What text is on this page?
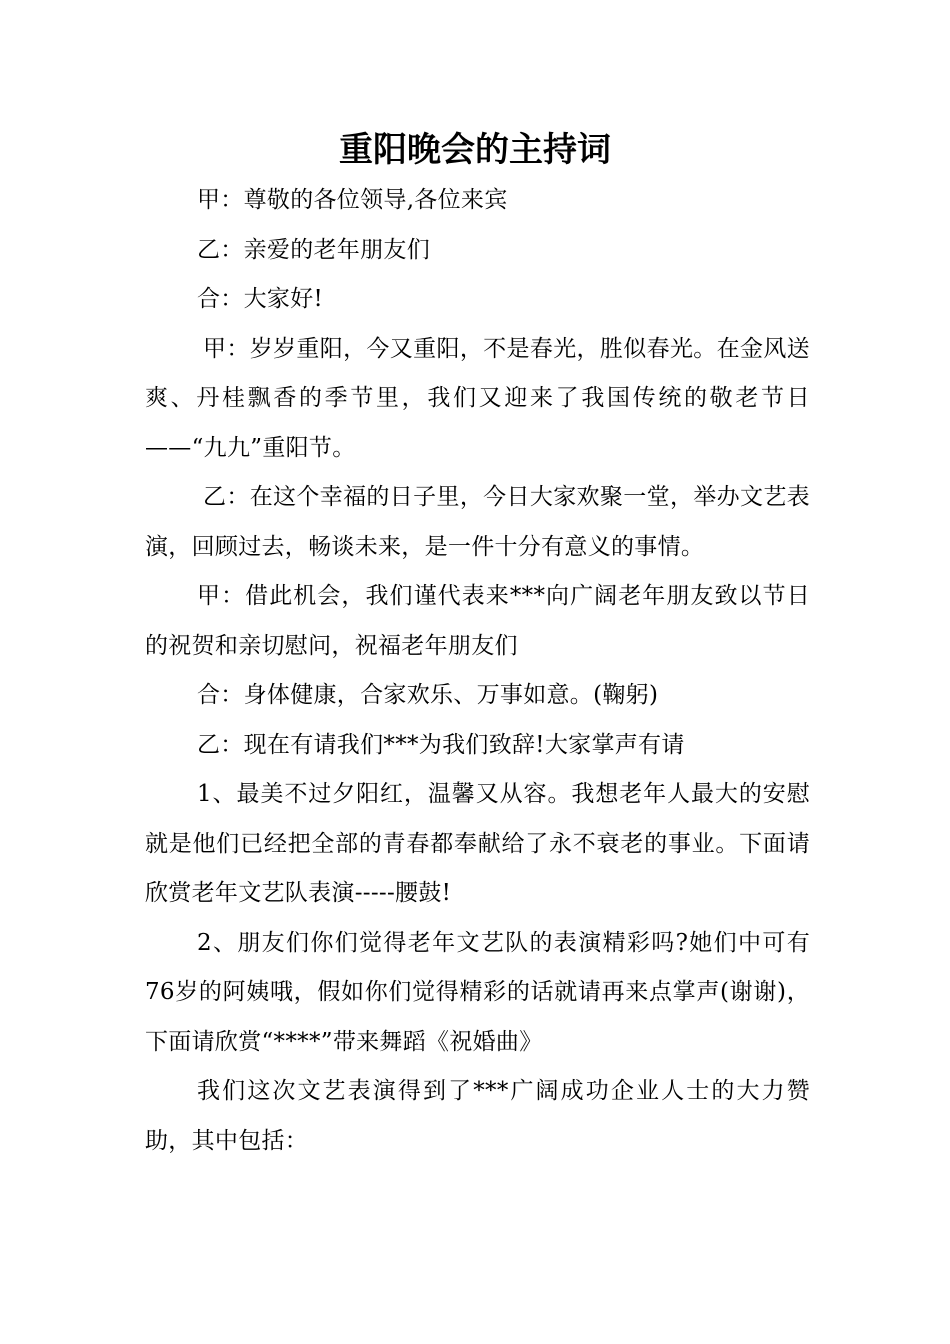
重阳晚会的主持词

甲：尊敬的各位领导,各位来宾

乙：亲爱的老年朋友们

合：大家好!

甲：岁岁重阳，今又重阳，不是春光，胜似春光。在金风送爽、丹桂飘香的季节里，我们又迎来了我国传统的敬老节日——“九九”重阳节。

乙：在这个幸福的日子里，今日大家欢聚一堂，举办文艺表演，回顾过去，畅谈未来，是一件十分有意义的事情。

甲：借此机会，我们谨代表来***向广阔老年朋友致以节日的祝贺和亲切慰问，祝福老年朋友们

合：身体健康，合家欢乐、万事如意。(鞠躬)

乙：现在有请我们***为我们致辞!大家掌声有请

1、最美不过夕阳红，温馨又从容。我想老年人最大的安慰就是他们已经把全部的青春都奉献给了永不衰老的事业。下面请欣赏老年文艺队表演-----腰鼓!

2、朋友们你们觉得老年文艺队的表演精彩吗?她们中可有76岁的阿姨哦，假如你们觉得精彩的话就请再来点掌声(谢谢)，下面请欣赏“****”带来舞蹈《祝婚曲》

我们这次文艺表演得到了***广阔成功企业人士的大力赞助，其中包括：
